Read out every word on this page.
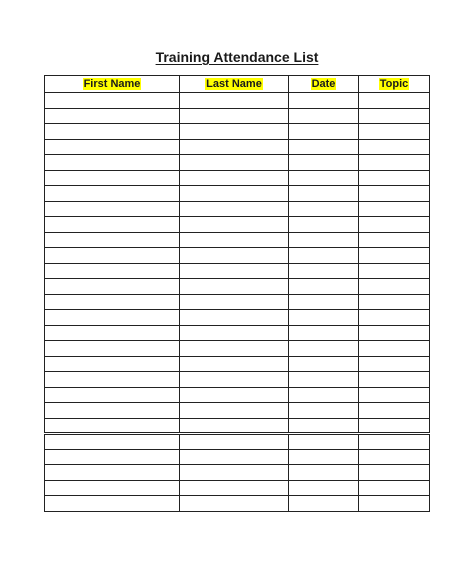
Training Attendance List
First Name	Last Name	Date	Topic
